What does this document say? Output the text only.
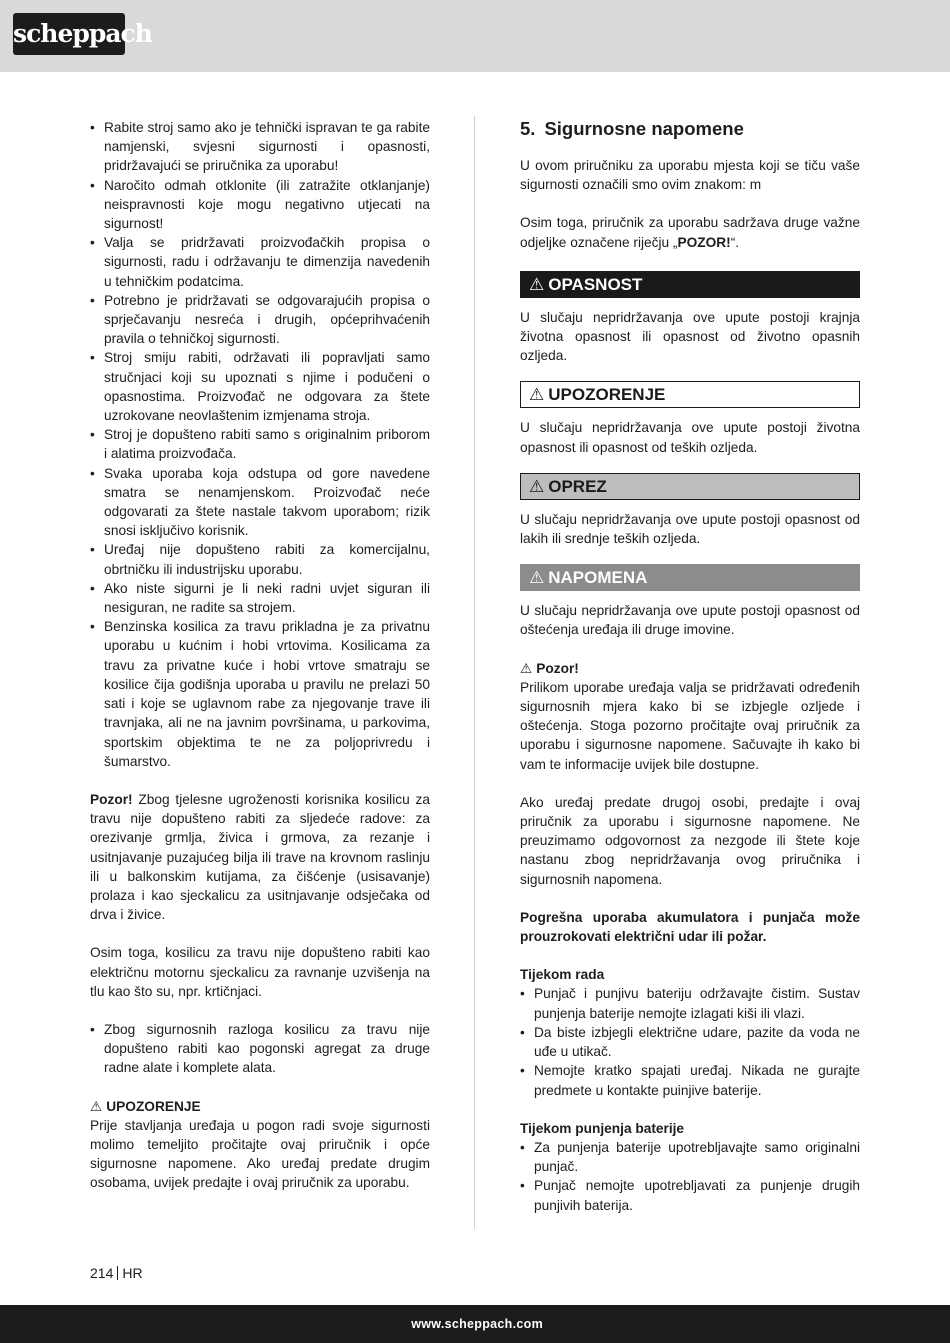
scheppach
• Rabite stroj samo ako je tehnički ispravan te ga rabite namjenski, svjesni sigurnosti i opasnosti, pridržavajući se priručnika za uporabu!
• Naročito odmah otklonite (ili zatražite otklanjanje) neispravnosti koje mogu negativno utjecati na sigurnost!
• Valja se pridržavati proizvođačkih propisa o sigurnosti, radu i održavanju te dimenzija navedenih u tehničkim podatcima.
• Potrebno je pridržavati se odgovarajućih propisa o sprječavanju nesreća i drugih, općeprihvaćenih pravila o tehničkoj sigurnosti.
• Stroj smiju rabiti, održavati ili popravljati samo stručnjaci koji su upoznati s njime i podučeni o opasnostima. Proizvođač ne odgovara za štete uzrokovane neovlaštenim izmjenama stroja.
• Stroj je dopušteno rabiti samo s originalnim priborom i alatima proizvođača.
• Svaka uporaba koja odstupa od gore navedene smatra se nenamjenskom. Proizvođač neće odgovarati za štete nastale takvom uporabom; rizik snosi isključivo korisnik.
• Uređaj nije dopušteno rabiti za komercijalnu, obrtničku ili industrijsku uporabu.
• Ako niste sigurni je li neki radni uvjet siguran ili nesiguran, ne radite sa strojem.
• Benzinska kosilica za travu prikladna je za privatnu uporabu u kućnim i hobi vrtovima. Kosilicama za travu za privatne kuće i hobi vrtove smatraju se kosilice čija godišnja uporaba u pravilu ne prelazi 50 sati i koje se uglavnom rabe za njegovanje trave ili travnjaka, ali ne na javnim površinama, u parkovima, sportskim objektima te ne za poljoprivredu i šumarstvo.

Pozor! Zbog tjelesne ugroženosti korisnika kosilicu za travu nije dopušteno rabiti za sljedeće radove: za orezivanje grmlja, živica i grmova, za rezanje i usitnjavanje puzajućeg bilja ili trave na krovnom raslinju ili u balkonskim kutijama, za čišćenje (usisavanje) prolaza i kao sjeckalicu za usitnjavanje odsječaka od drva i živice.

Osim toga, kosilicu za travu nije dopušteno rabiti kao električnu motornu sjeckalicu za ravnanje uzvišenja na tlu kao što su, npr. krtičnjaci.

• Zbog sigurnosnih razloga kosilicu za travu nije dopušteno rabiti kao pogonski agregat za druge radne alate i komplete alata.

⚠ UPOZORENJE

Prije stavljanja uređaja u pogon radi svoje sigurnosti molimo temeljito pročitajte ovaj priručnik i opće sigurnosne napomene. Ako uređaj predate drugim osobama, uvijek predajte i ovaj priručnik za uporabu.

5. Sigurnosne napomene

U ovom priručniku za uporabu mjesta koji se tiču vaše sigurnosti označili smo ovim znakom: m

Osim toga, priručnik za uporabu sadržava druge važne odjeljke označene riječju „POZOR!“.

⚠ OPASNOST

U slučaju nepridržavanja ove upute postoji krajnja životna opasnost ili opasnost od životno opasnih ozljeda.

⚠ UPOZORENJE

U slučaju nepridržavanja ove upute postoji životna opasnost ili opasnost od teških ozljeda.

⚠ OPREZ

U slučaju nepridržavanja ove upute postoji opasnost od lakih ili srednje teških ozljeda.

⚠ NAPOMENA

U slučaju nepridržavanja ove upute postoji opasnost od oštećenja uređaja ili druge imovine.

⚠ Pozor!

Prilikom uporabe uređaja valja se pridržavati određenih sigurnosnih mjera kako bi se izbjegle ozljede i oštećenja. Stoga pozorno pročitajte ovaj priručnik za uporabu i sigurnosne napomene. Sačuvajte ih kako bi vam te informacije uvijek bile dostupne.

Ako uređaj predate drugoj osobi, predajte i ovaj priručnik za uporabu i sigurnosne napomene. Ne preuzimamo odgovornost za nezgode ili štete koje nastanu zbog nepridržavanja ovog priručnika i sigurnosnih napomena.

Pogrešna uporaba akumulatora i punjača može prouzrokovati električni udar ili požar.

Tijekom rada

• Punjač i punjivu bateriju održavajte čistim. Sustav punjenja baterije nemojte izlagati kiši ili vlazi.
• Da biste izbjegli električne udare, pazite da voda ne uđe u utikač.
• Nemojte kratko spajati uređaj. Nikada ne gurajte predmete u kontakte puinjive baterije.

Tijekom punjenja baterije

• Za punjenja baterije upotrebljavajte samo originalni punjač.
• Punjač nemojte upotrebljavati za punjenje drugih punjivih baterija.
214 HR
www.scheppach.com
